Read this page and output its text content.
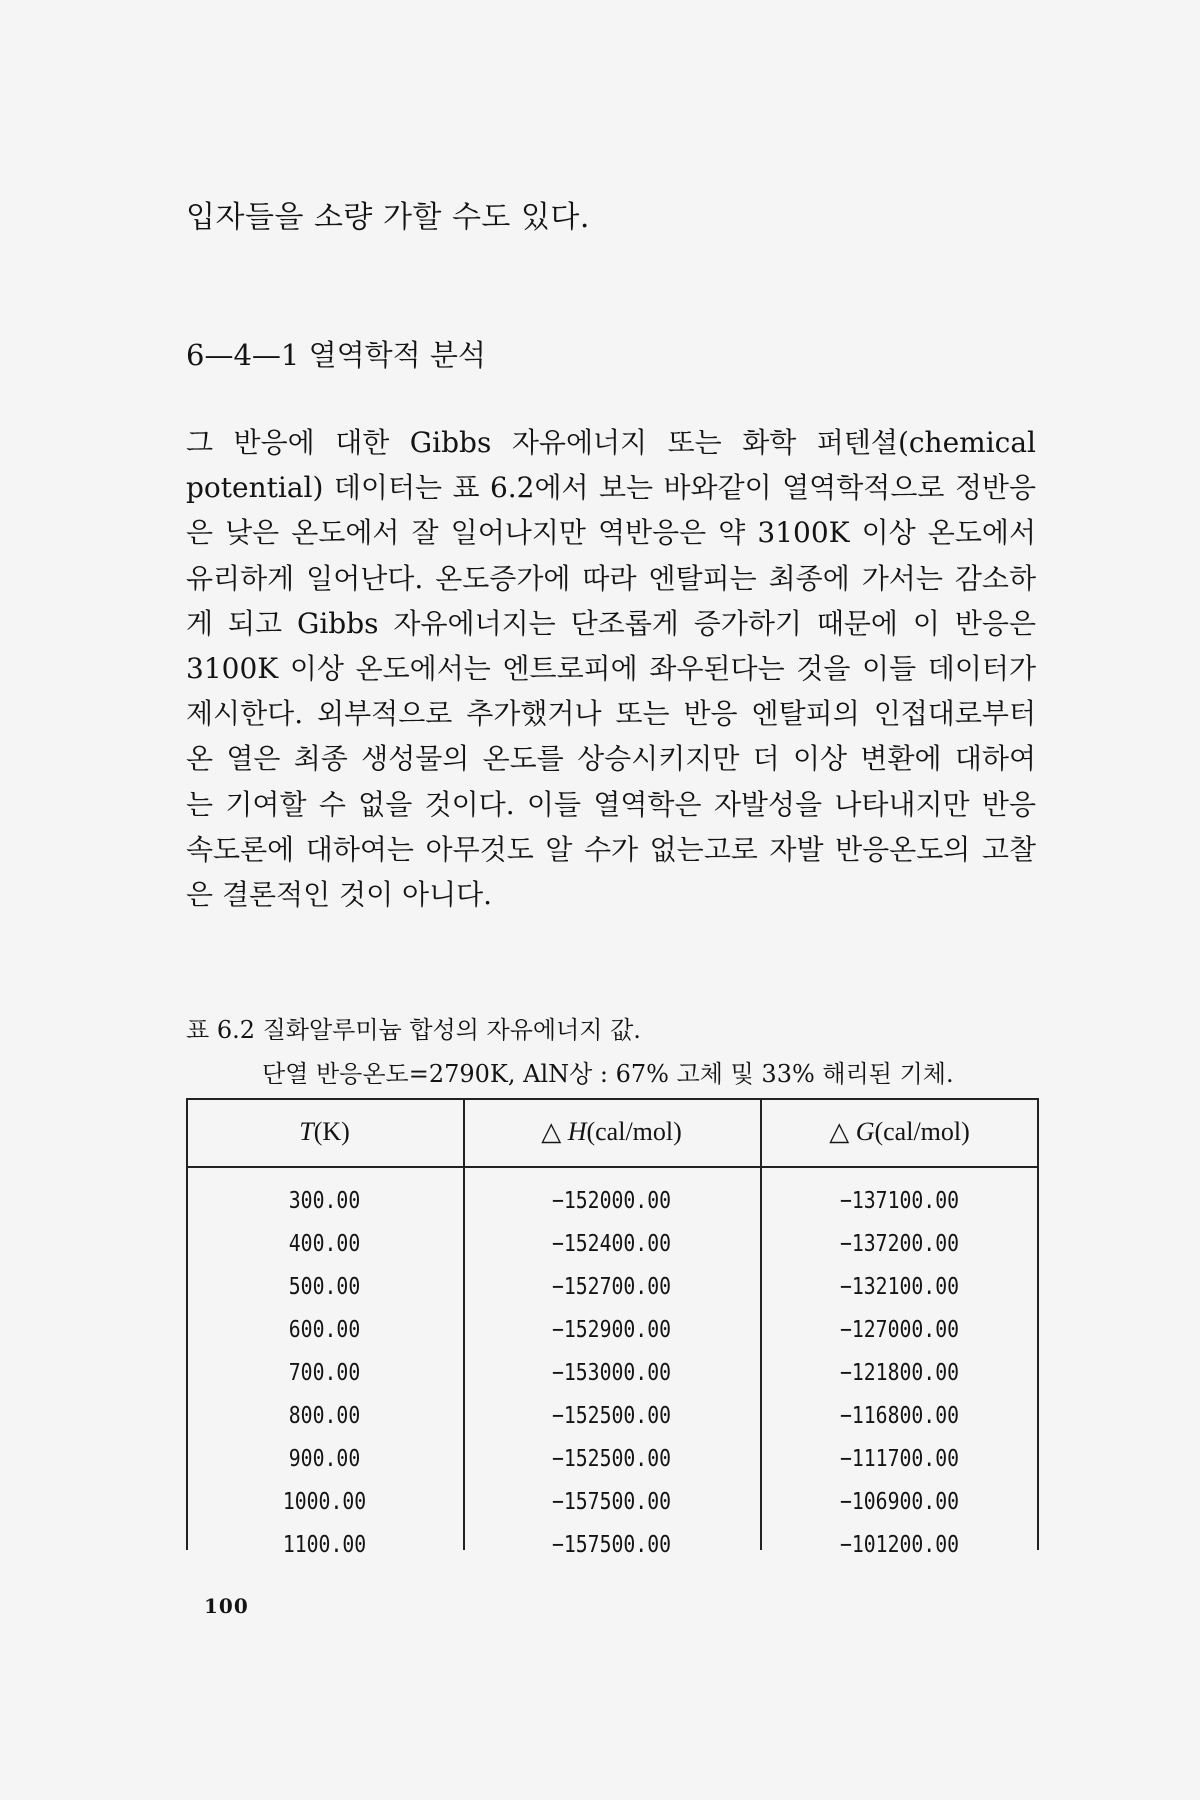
입자들을 소량 가할 수도 있다.
6—4—1 열역학적 분석
그 반응에 대한 Gibbs 자유에너지 또는 화학 퍼텐셜(chemical
potential) 데이터는 표 6.2에서 보는 바와같이 열역학적으로 정반응
은 낮은 온도에서 잘 일어나지만 역반응은 약 3100K 이상 온도에서
유리하게 일어난다. 온도증가에 따라 엔탈피는 최종에 가서는 감소하
게 되고 Gibbs 자유에너지는 단조롭게 증가하기 때문에 이 반응은
3100K 이상 온도에서는 엔트로피에 좌우된다는 것을 이들 데이터가
제시한다. 외부적으로 추가했거나 또는 반응 엔탈피의 인접대로부터
온 열은 최종 생성물의 온도를 상승시키지만 더 이상 변환에 대하여
는 기여할 수 없을 것이다. 이들 열역학은 자발성을 나타내지만 반응
속도론에 대하여는 아무것도 알 수가 없는고로 자발 반응온도의 고찰
은 결론적인 것이 아니다.
표 6.2 질화알루미늄 합성의 자유에너지 값.
단열 반응온도=2790K, AlN상 : 67% 고체 및 33% 해리된 기체.
T(K)	△ H(cal/mol)	△ G(cal/mol)
300.00	−152000.00	−137100.00
400.00	−152400.00	−137200.00
500.00	−152700.00	−132100.00
600.00	−152900.00	−127000.00
700.00	−153000.00	−121800.00
800.00	−152500.00	−116800.00
900.00	−152500.00	−111700.00
1000.00	−157500.00	−106900.00
1100.00	−157500.00	−101200.00
100
